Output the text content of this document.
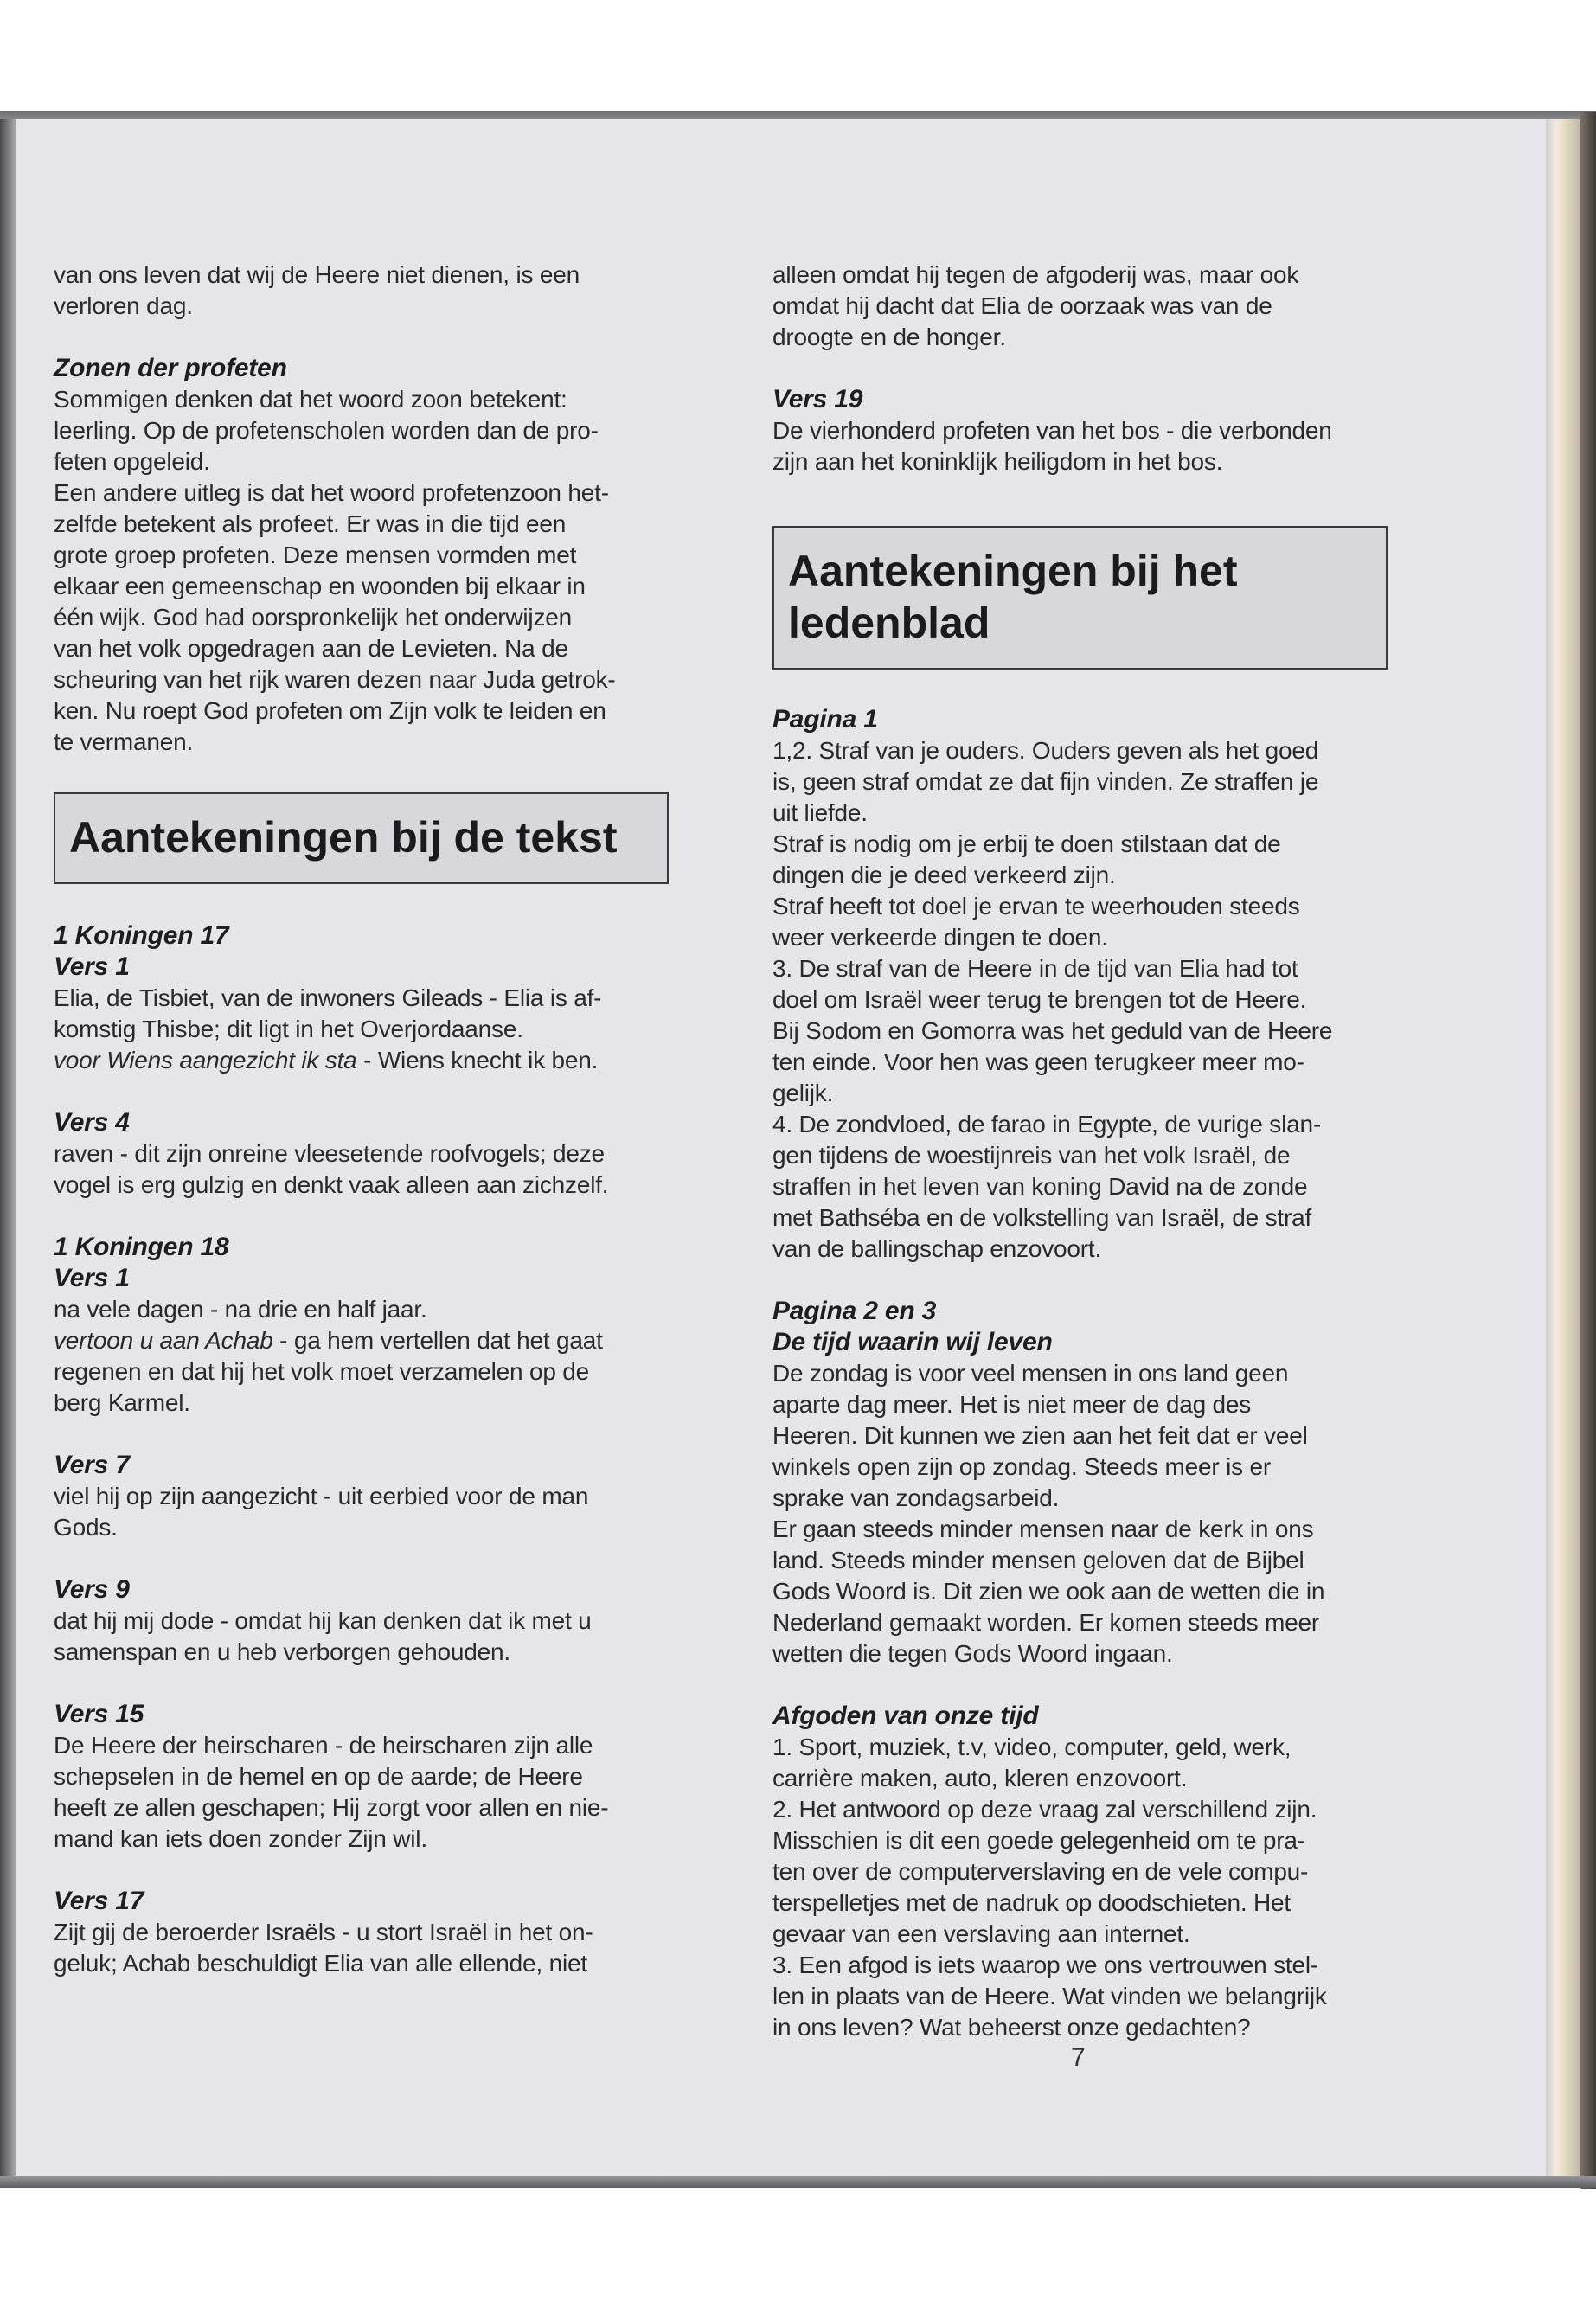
van ons leven dat wij de Heere niet dienen, is een

verloren dag.

Zonen der profeten

Sommigen denken dat het woord zoon betekent:

leerling. Op de profetenscholen worden dan de pro-

feten opgeleid.

Een andere uitleg is dat het woord profetenzoon het-

zelfde betekent als profeet. Er was in die tijd een

grote groep profeten. Deze mensen vormden met

elkaar een gemeenschap en woonden bij elkaar in

één wijk. God had oorspronkelijk het onderwijzen

van het volk opgedragen aan de Levieten. Na de

scheuring van het rijk waren dezen naar Juda getrok-

ken. Nu roept God profeten om Zijn volk te leiden en

te vermanen.

Aantekeningen bij de tekst

1 Koningen 17

Vers 1

Elia, de Tisbiet, van de inwoners Gileads - Elia is af-

komstig Thisbe; dit ligt in het Overjordaanse.

voor Wiens aangezicht ik sta - Wiens knecht ik ben.

Vers 4

raven - dit zijn onreine vleesetende roofvogels; deze

vogel is erg gulzig en denkt vaak alleen aan zichzelf.

1 Koningen 18

Vers 1

na vele dagen - na drie en half jaar.

vertoon u aan Achab - ga hem vertellen dat het gaat

regenen en dat hij het volk moet verzamelen op de

berg Karmel.

Vers 7

viel hij op zijn aangezicht - uit eerbied voor de man

Gods.

Vers 9

dat hij mij dode - omdat hij kan denken dat ik met u

samenspan en u heb verborgen gehouden.

Vers 15

De Heere der heirscharen - de heirscharen zijn alle

schepselen in de hemel en op de aarde; de Heere

heeft ze allen geschapen; Hij zorgt voor allen en nie-

mand kan iets doen zonder Zijn wil.

Vers 17

Zijt gij de beroerder Israëls - u stort Israël in het on-

geluk; Achab beschuldigt Elia van alle ellende, niet

alleen omdat hij tegen de afgoderij was, maar ook

omdat hij dacht dat Elia de oorzaak was van de

droogte en de honger.

Vers 19

De vierhonderd profeten van het bos - die verbonden

zijn aan het koninklijk heiligdom in het bos.

Aantekeningen bij het ledenblad

Pagina 1

1,2. Straf van je ouders. Ouders geven als het goed

is, geen straf omdat ze dat fijn vinden. Ze straffen je

uit liefde.

Straf is nodig om je erbij te doen stilstaan dat de

dingen die je deed verkeerd zijn.

Straf heeft tot doel je ervan te weerhouden steeds

weer verkeerde dingen te doen.

3. De straf van de Heere in de tijd van Elia had tot

doel om Israël weer terug te brengen tot de Heere.

Bij Sodom en Gomorra was het geduld van de Heere

ten einde. Voor hen was geen terugkeer meer mo-

gelijk.

4. De zondvloed, de farao in Egypte, de vurige slan-

gen tijdens de woestijnreis van het volk Israël, de

straffen in het leven van koning David na de zonde

met Bathséba en de volkstelling van Israël, de straf

van de ballingschap enzovoort.

Pagina 2 en 3

De tijd waarin wij leven

De zondag is voor veel mensen in ons land geen

aparte dag meer. Het is niet meer de dag des

Heeren. Dit kunnen we zien aan het feit dat er veel

winkels open zijn op zondag. Steeds meer is er

sprake van zondagsarbeid.

Er gaan steeds minder mensen naar de kerk in ons

land. Steeds minder mensen geloven dat de Bijbel

Gods Woord is. Dit zien we ook aan de wetten die in

Nederland gemaakt worden. Er komen steeds meer

wetten die tegen Gods Woord ingaan.

Afgoden van onze tijd

1. Sport, muziek, t.v, video, computer, geld, werk,

carrière maken, auto, kleren enzovoort.

2. Het antwoord op deze vraag zal verschillend zijn.

Misschien is dit een goede gelegenheid om te pra-

ten over de computerverslaving en de vele compu-

terspelletjes met de nadruk op doodschieten. Het

gevaar van een verslaving aan internet.

3. Een afgod is iets waarop we ons vertrouwen stel-

len in plaats van de Heere. Wat vinden we belangrijk

in ons leven? Wat beheerst onze gedachten?

7
